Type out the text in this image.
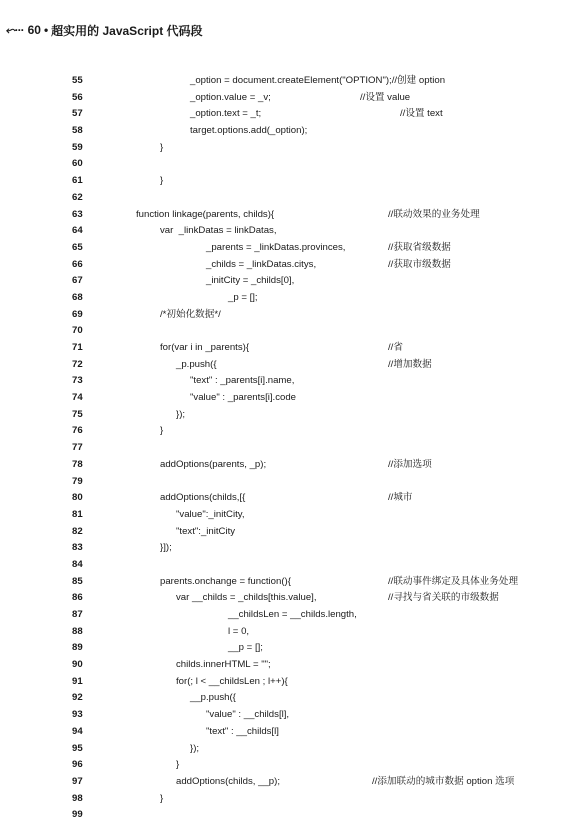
⬿··· 60 • 超实用的 JavaScript 代码段
55	_option = document.createElement("OPTION");//创建 option
56	_option.value = _v;	//设置 value
57	_option.text = _t;	//设置 text
58	target.options.add(_option);
59	}
60
61	}
62
63	function linkage(parents, childs){	//联动效果的业务处理
64	var  _linkDatas = linkDatas,
65	_parents = _linkDatas.provinces,	//获取省级数据
66	_childs = _linkDatas.citys,	//获取市级数据
67	_initCity = _childs[0],
68	_p = [];
69	/*初始化数据*/
70
71	for(var i in _parents){	//省
72	_p.push({	//增加数据
73	"text" : _parents[i].name,
74	"value" : _parents[i].code
75	});
76	}
77
78	addOptions(parents, _p);	//添加选项
79
80	addOptions(childs,[{	//城市
81	"value":_initCity,
82	"text":_initCity
83	}]);
84
85	parents.onchange = function(){	//联动事件绑定及具体业务处理
86	var __childs = _childs[this.value],	//寻找与省关联的市级数据
87	__childsLen = __childs.length,
88	l = 0,
89	__p = [];
90	childs.innerHTML = "";
91	for(; l < __childsLen ; l++){
92	__p.push({
93	"value" : __childs[l],
94	"text" : __childs[l]
95	});
96	}
97	addOptions(childs, __p);	//添加联动的城市数据 option 选项
98	}
99
